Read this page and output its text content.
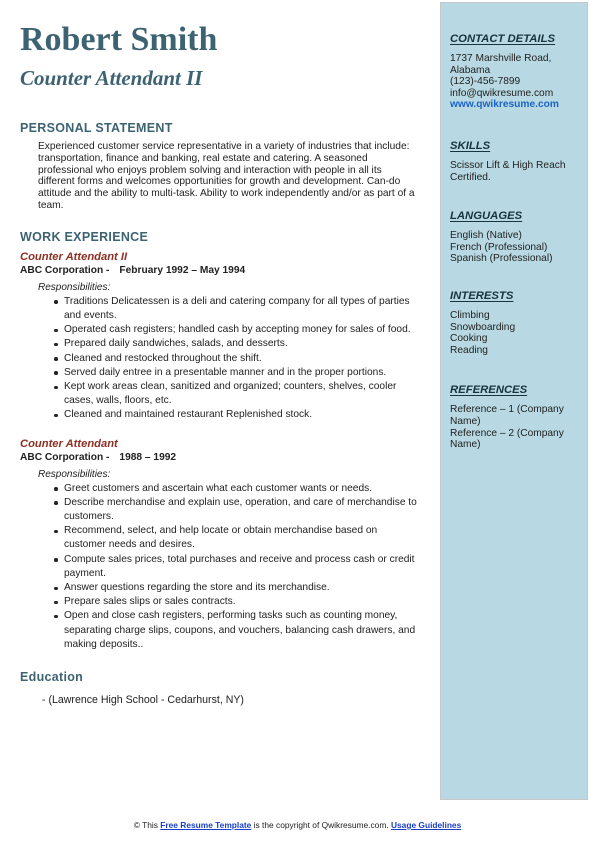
Robert Smith
Counter Attendant II
PERSONAL STATEMENT
Experienced customer service representative in a variety of industries that include: transportation, finance and banking, real estate and catering. A seasoned professional who enjoys problem solving and interaction with people in all its different forms and welcomes opportunities for growth and development. Can-do attitude and the ability to multi-task. Ability to work independently and/or as part of a team.
WORK EXPERIENCE
Counter Attendant II
ABC Corporation - February 1992 – May 1994
Responsibilities:
Traditions Delicatessen is a deli and catering company for all types of parties and events.
Operated cash registers; handled cash by accepting money for sales of food.
Prepared daily sandwiches, salads, and desserts.
Cleaned and restocked throughout the shift.
Served daily entree in a presentable manner and in the proper portions.
Kept work areas clean, sanitized and organized; counters, shelves, cooler cases, walls, floors, etc.
Cleaned and maintained restaurant Replenished stock.
Counter Attendant
ABC Corporation - 1988 – 1992
Responsibilities:
Greet customers and ascertain what each customer wants or needs.
Describe merchandise and explain use, operation, and care of merchandise to customers.
Recommend, select, and help locate or obtain merchandise based on customer needs and desires.
Compute sales prices, total purchases and receive and process cash or credit payment.
Answer questions regarding the store and its merchandise.
Prepare sales slips or sales contracts.
Open and close cash registers, performing tasks such as counting money, separating charge slips, coupons, and vouchers, balancing cash drawers, and making deposits..
Education
- (Lawrence High School - Cedarhurst, NY)
CONTACT DETAILS
1737 Marshville Road,
Alabama
(123)-456-7899
info@qwikresume.com
www.qwikresume.com
SKILLS
Scissor Lift & High Reach Certified.
LANGUAGES
English (Native)
French (Professional)
Spanish (Professional)
INTERESTS
Climbing
Snowboarding
Cooking
Reading
REFERENCES
Reference – 1 (Company Name)
Reference – 2 (Company Name)
© This Free Resume Template is the copyright of Qwikresume.com. Usage Guidelines
